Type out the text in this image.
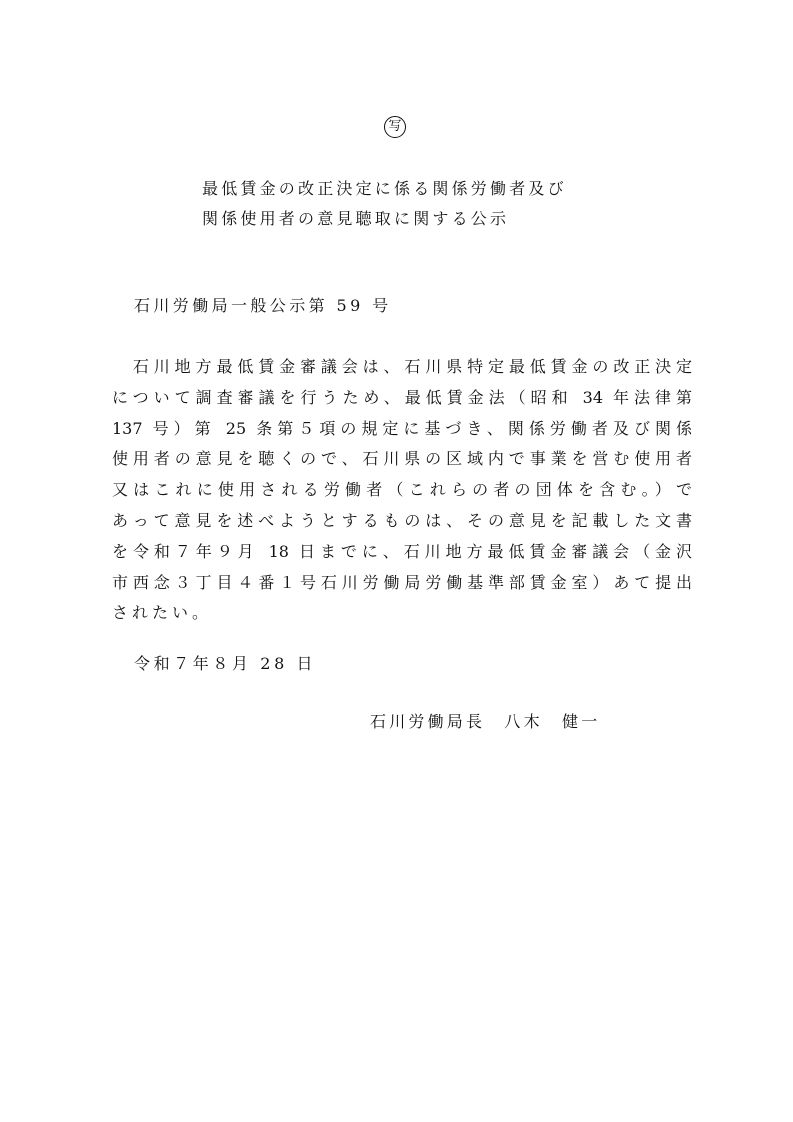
写
最低賃金の改正決定に係る関係労働者及び
関係使用者の意見聴取に関する公示
石川労働局一般公示第 59 号
　石川地方最低賃金審議会は、石川県特定最低賃金の改正決定
について調査審議を行うため、最低賃金法（昭和 34 年法律第
137 号）第 25 条第５項の規定に基づき、関係労働者及び関係
使用者の意見を聴くので、石川県の区域内で事業を営む使用者
又はこれに使用される労働者（これらの者の団体を含む。）で
あって意見を述べようとするものは、その意見を記載した文書
を令和７年９月 18 日までに、石川地方最低賃金審議会（金沢
市西念３丁目４番１号石川労働局労働基準部賃金室）あて提出
されたい。
令和７年８月 28 日
石川労働局長　八木　健一
